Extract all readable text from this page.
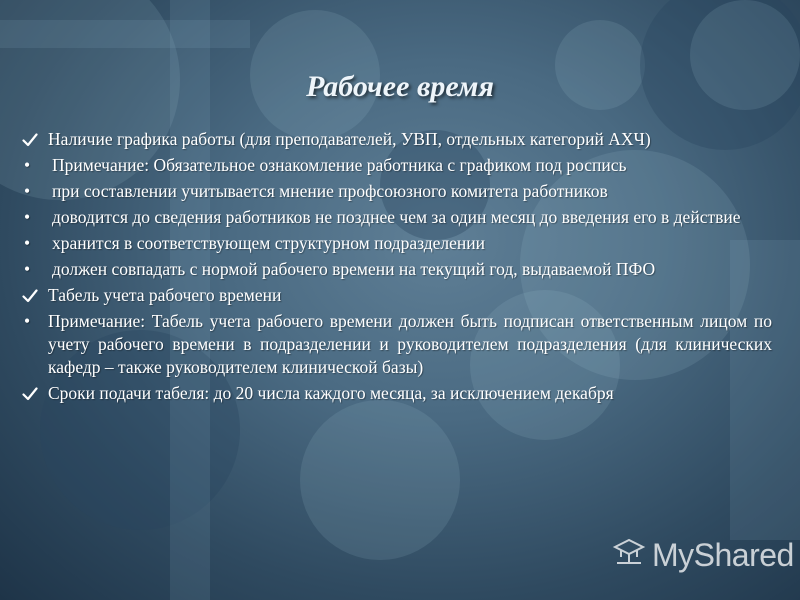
Рабочее время
Наличие графика работы (для преподавателей, УВП, отдельных категорий АХЧ)
•	Примечание: Обязательное ознакомление работника с графиком под роспись
•	при составлении учитывается мнение профсоюзного комитета работников
•	доводится до сведения работников не позднее чем за один месяц до введения его в действие
•	хранится в соответствующем структурном подразделении
•	должен совпадать с нормой рабочего времени на текущий год, выдаваемой ПФО
Табель учета рабочего времени
•	Примечание: Табель учета рабочего времени должен быть подписан ответственным лицом по учету рабочего времени в подразделении и руководителем подразделения (для клинических кафедр – также руководителем клинической базы)
Сроки подачи табеля: до 20 числа каждого месяца, за исключением декабря
MyShared
